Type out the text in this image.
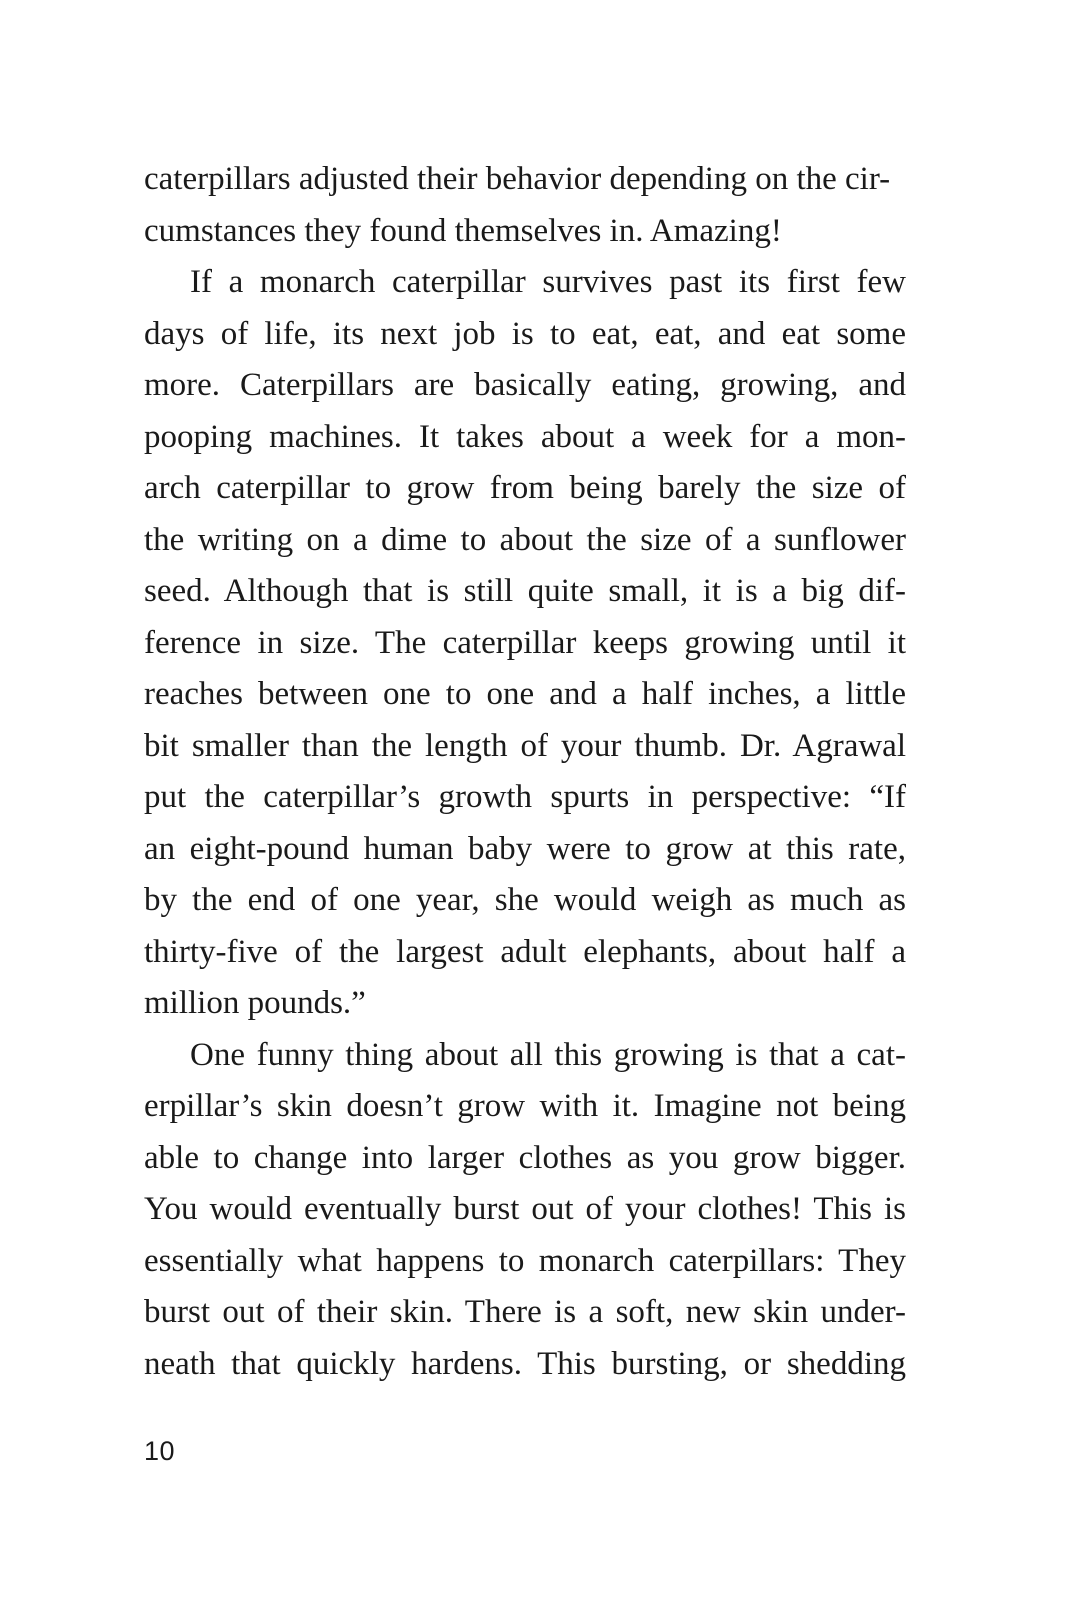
caterpillars adjusted their behavior depending on the cir-
cumstances they found themselves in. Amazing!
If a monarch caterpillar survives past its first few
days of life, its next job is to eat, eat, and eat some
more. Caterpillars are basically eating, growing, and
pooping machines. It takes about a week for a mon-
arch caterpillar to grow from being barely the size of
the writing on a dime to about the size of a sunflower
seed. Although that is still quite small, it is a big dif-
ference in size. The caterpillar keeps growing until it
reaches between one to one and a half inches, a little
bit smaller than the length of your thumb. Dr. Agrawal
put the caterpillar’s growth spurts in perspective: “If
an eight-pound human baby were to grow at this rate,
by the end of one year, she would weigh as much as
thirty-five of the largest adult elephants, about half a
million pounds.”
One funny thing about all this growing is that a cat-
erpillar’s skin doesn’t grow with it. Imagine not being
able to change into larger clothes as you grow bigger.
You would eventually burst out of your clothes! This is
essentially what happens to monarch caterpillars: They
burst out of their skin. There is a soft, new skin under-
neath that quickly hardens. This bursting, or shedding
10
